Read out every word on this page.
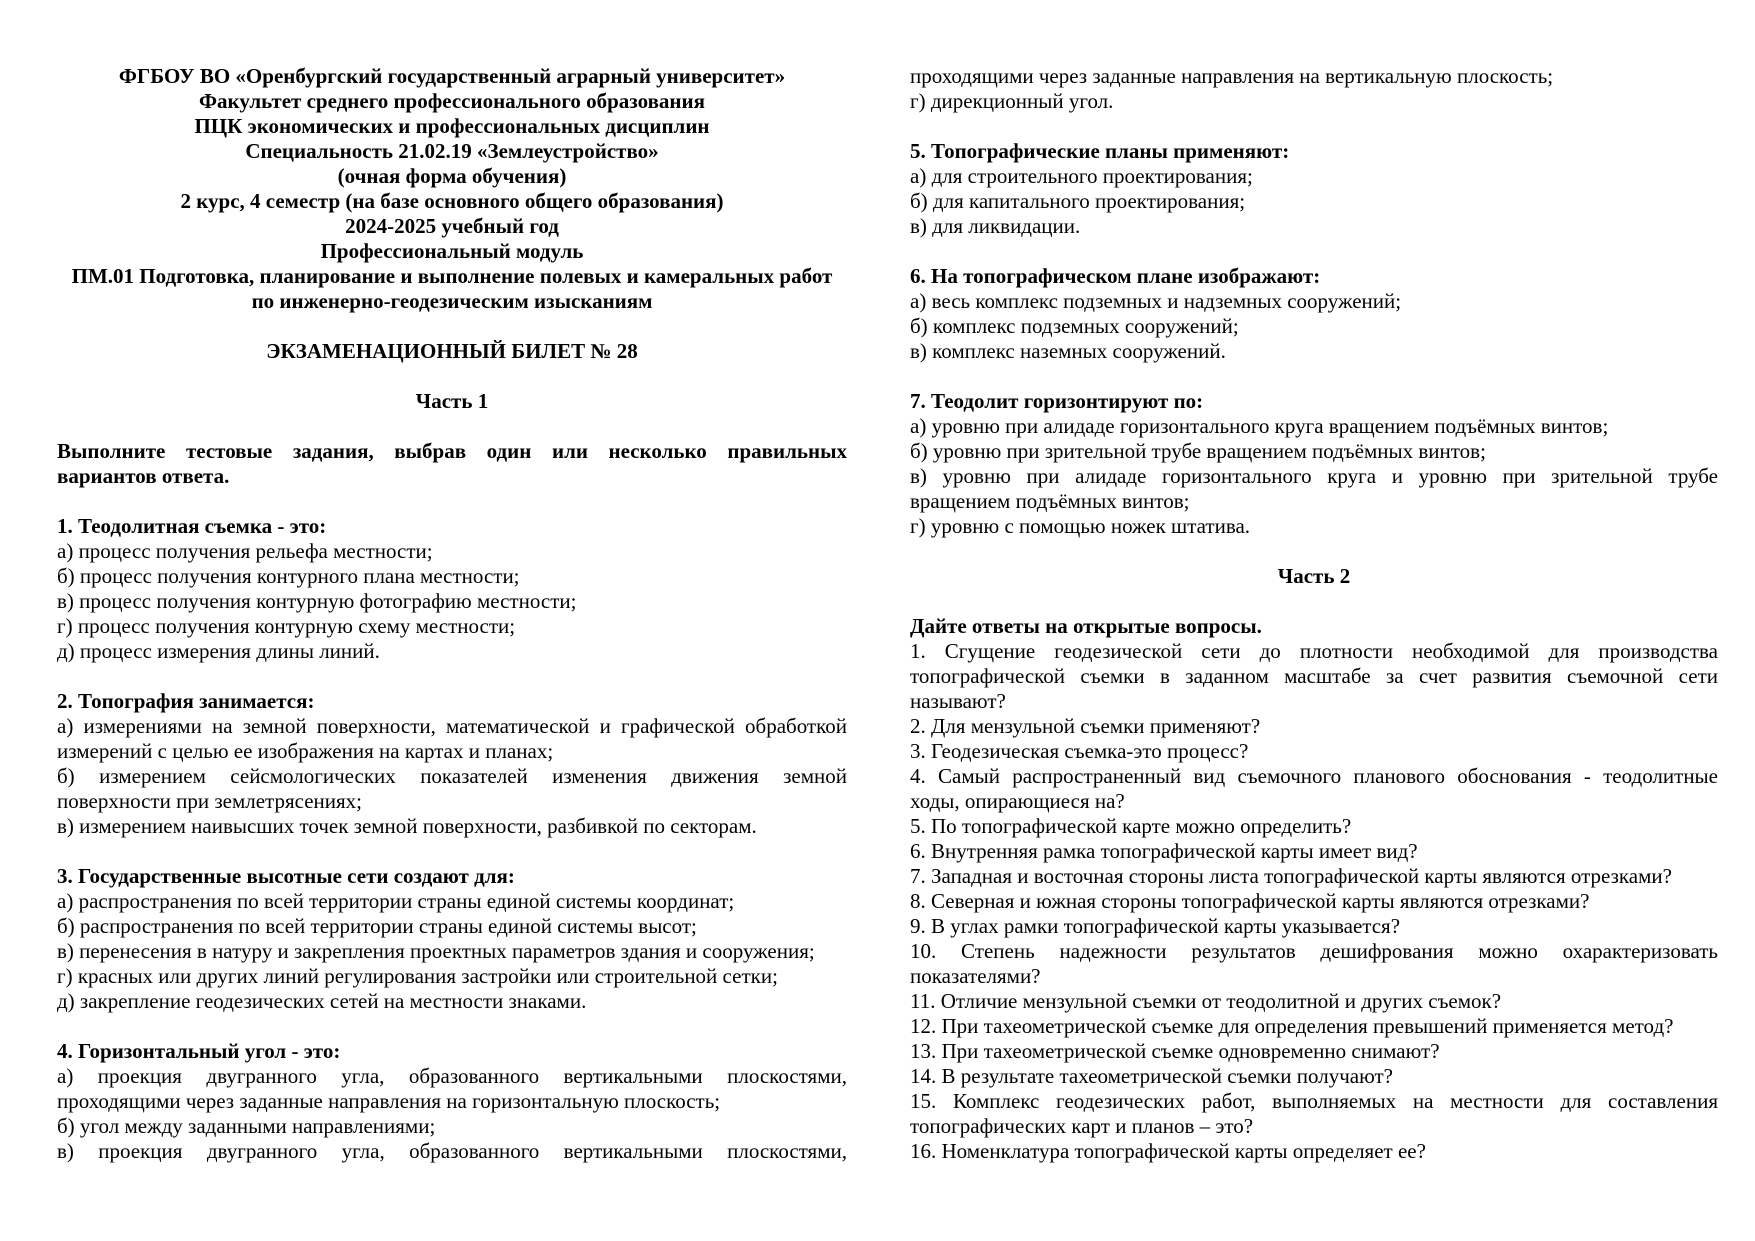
ФГБОУ ВО «Оренбургский государственный аграрный университет»
Факультет среднего профессионального образования
ПЦК экономических и профессиональных дисциплин
Специальность 21.02.19 «Землеустройство»
(очная форма обучения)
2 курс, 4 семестр (на базе основного общего образования)
2024-2025 учебный год
Профессиональный модуль
ПМ.01 Подготовка, планирование и выполнение полевых и камеральных работ
по инженерно-геодезическим изысканиям
ЭКЗАМЕНАЦИОННЫЙ БИЛЕТ № 28
Часть 1
Выполните тестовые задания, выбрав один или несколько правильных
вариантов ответа.
1. Теодолитная съемка - это:
а) процесс получения рельефа местности;
б) процесс получения контурного плана местности;
в) процесс получения контурную фотографию местности;
г) процесс получения контурную схему местности;
д) процесс измерения длины линий.
2. Топография занимается:
а) измерениями на земной поверхности, математической и графической обработкой
измерений с целью ее изображения на картах и планах;
б) измерением сейсмологических показателей изменения движения земной
поверхности при землетрясениях;
в) измерением наивысших точек земной поверхности, разбивкой по секторам.
3. Государственные высотные сети создают для:
а) распространения по всей территории страны единой системы координат;
б) распространения по всей территории страны единой системы высот;
в) перенесения в натуру и закрепления проектных параметров здания и сооружения;
г) красных или других линий регулирования застройки или строительной сетки;
д) закрепление геодезических сетей на местности знаками.
4. Горизонтальный угол - это:
а) проекция двугранного угла, образованного вертикальными плоскостями,
проходящими через заданные направления на горизонтальную плоскость;
б) угол между заданными направлениями;
в) проекция двугранного угла, образованного вертикальными плоскостями,
проходящими через заданные направления на вертикальную плоскость;
г) дирекционный угол.
5. Топографические планы применяют:
а) для строительного проектирования;
б) для капитального проектирования;
в) для ликвидации.
6. На топографическом плане изображают:
а) весь комплекс подземных и надземных сооружений;
б) комплекс подземных сооружений;
в) комплекс наземных сооружений.
7. Теодолит горизонтируют по:
а) уровню при алидаде горизонтального круга вращением подъёмных винтов;
б) уровню при зрительной трубе вращением подъёмных винтов;
в) уровню при алидаде горизонтального круга и уровню при зрительной трубе
вращением подъёмных винтов;
г) уровню с помощью ножек штатива.
Часть 2
Дайте ответы на открытые вопросы.
1. Сгущение геодезической сети до плотности необходимой для производства
топографической съемки в заданном масштабе за счет развития съемочной сети
называют?
2. Для мензульной съемки применяют?
3. Геодезическая съемка-это процесс?
4. Самый распространенный вид съемочного планового обоснования - теодолитные
ходы, опирающиеся на?
5. По топографической карте можно определить?
6. Внутренняя рамка топографической карты имеет вид?
7. Западная и восточная стороны листа топографической карты являются отрезками?
8. Северная и южная стороны топографической карты являются отрезками?
9. В углах рамки топографической карты указывается?
10. Степень надежности результатов дешифрования можно охарактеризовать
показателями?
11. Отличие мензульной съемки от теодолитной и других съемок?
12. При тахеометрической съемке для определения превышений применяется метод?
13. При тахеометрической съемке одновременно снимают?
14. В результате тахеометрической съемки получают?
15. Комплекс геодезических работ, выполняемых на местности для составления
топографических карт и планов – это?
16. Номенклатура топографической карты определяет ее?
